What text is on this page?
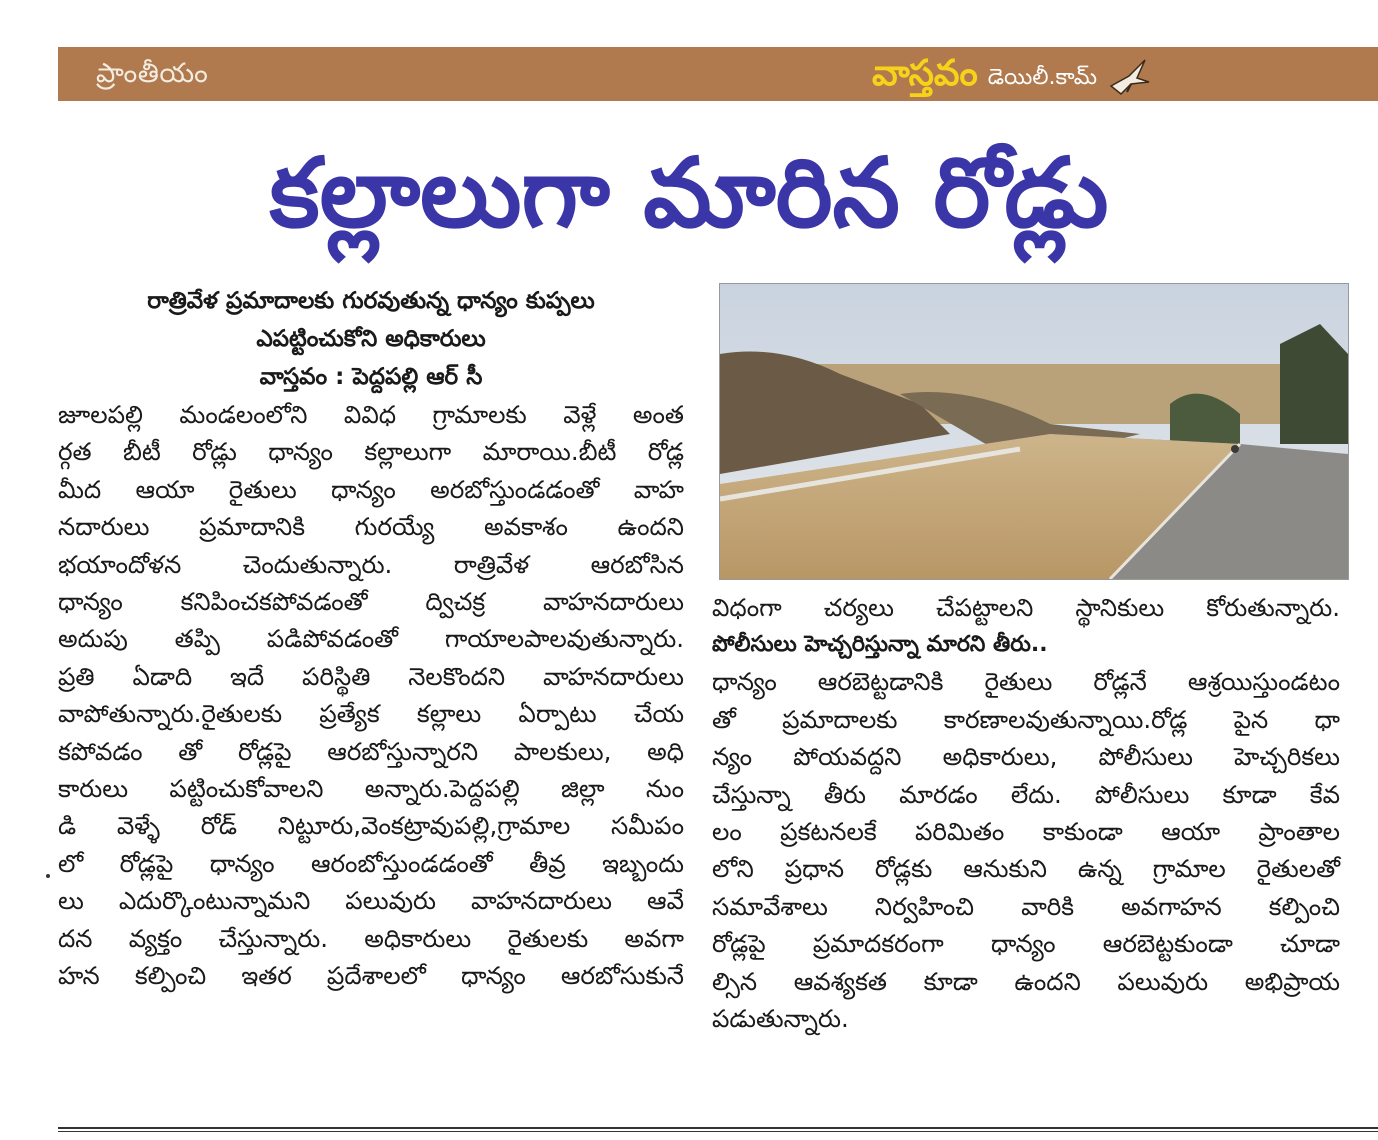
ప్రాంతీయం	వాస్తవం డెయిలీ.కామ్
కల్లాలుగా మారిన రోడ్లు
రాత్రివేళ ప్రమాదాలకు గురవుతున్న ధాన్యం కుప్పలు
ఎపట్టించుకోని అధికారులు
వాస్తవం : పెద్దపల్లి ఆర్ సీ
జూలపల్లి మండలంలోని వివిధ గ్రామాలకు వెళ్లే అంత
ర్గత బీటీ రోడ్లు ధాన్యం కల్లాలుగా మారాయి.బీటీ రోడ్ల
మీద ఆయా రైతులు ధాన్యం అరబోస్తుండడంతో వాహ
నదారులు ప్రమాదానికి గురయ్యే అవకాశం ఉందని
భయాందోళన చెందుతున్నారు. రాత్రివేళ ఆరబోసిన
ధాన్యం కనిపించకపోవడంతో ద్విచక్ర వాహనదారులు
అదుపు తప్పి పడిపోవడంతో గాయాలపాలవుతున్నారు.
ప్రతి ఏడాది ఇదే పరిస్థితి నెలకొందని వాహనదారులు
వాపోతున్నారు.రైతులకు ప్రత్యేక కల్లాలు ఏర్పాటు చేయ
కపోవడం తో రోడ్లపై ఆరబోస్తున్నారని పాలకులు, అధి
కారులు పట్టించుకోవాలని అన్నారు.పెద్దపల్లి జిల్లా నుం
డి వెళ్ళే రోడ్ నిట్టూరు,వెంకట్రావుపల్లి,గ్రామాల సమీపం
లో రోడ్లపై ధాన్యం ఆరంబోస్తుండడంతో తీవ్ర ఇబ్బందు
లు ఎదుర్కొంటున్నామని పలువురు వాహనదారులు ఆవే
దన వ్యక్తం చేస్తున్నారు. అధికారులు రైతులకు అవగా
హన కల్పించి ఇతర ప్రదేశాలలో ధాన్యం ఆరబోసుకునే
విధంగా చర్యలు చేపట్టాలని స్థానికులు కోరుతున్నారు.
పోలీసులు హెచ్చరిస్తున్నా మారని తీరు..
ధాన్యం ఆరబెట్టడానికి రైతులు రోడ్లనే ఆశ్రయిస్తుండటం
తో ప్రమాదాలకు కారణాలవుతున్నాయి.రోడ్ల పైన ధా
న్యం పోయవద్దని అధికారులు, పోలీసులు హెచ్చరికలు
చేస్తున్నా తీరు మారడం లేదు. పోలీసులు కూడా కేవ
లం ప్రకటనలకే పరిమితం కాకుండా ఆయా ప్రాంతాల
లోని ప్రధాన రోడ్లకు ఆనుకుని ఉన్న గ్రామాల రైతులతో
సమావేశాలు నిర్వహించి వారికి అవగాహన కల్పించి
రోడ్లపై ప్రమాదకరంగా ధాన్యం ఆరబెట్టకుండా చూడా
ల్సిన ఆవశ్యకత కూడా ఉందని పలువురు అభిప్రాయ
పడుతున్నారు.
